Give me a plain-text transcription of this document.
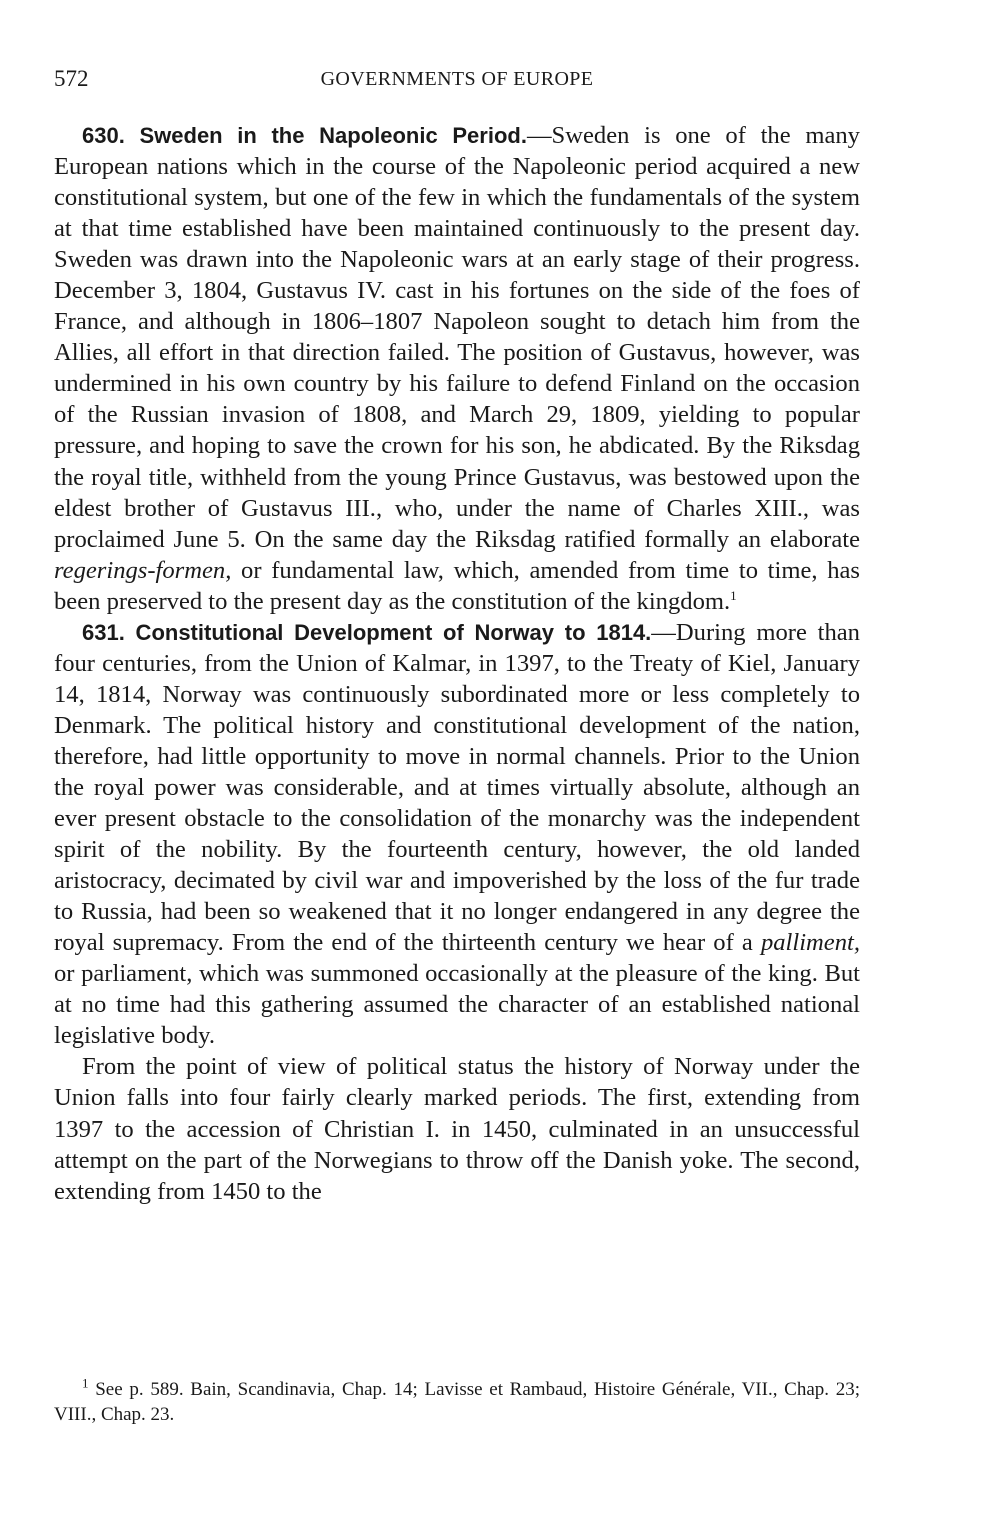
572	GOVERNMENTS OF EUROPE

630. Sweden in the Napoleonic Period.—Sweden is one of the many European nations which in the course of the Napoleonic period acquired a new constitutional system, but one of the few in which the fundamentals of the system at that time established have been maintained continuously to the present day. Sweden was drawn into the Napoleonic wars at an early stage of their progress. December 3, 1804, Gustavus IV. cast in his fortunes on the side of the foes of France, and although in 1806–1807 Napoleon sought to detach him from the Allies, all effort in that direction failed. The position of Gustavus, however, was undermined in his own country by his failure to defend Finland on the occasion of the Russian invasion of 1808, and March 29, 1809, yielding to popular pressure, and hoping to save the crown for his son, he abdicated. By the Riksdag the royal title, withheld from the young Prince Gustavus, was bestowed upon the eldest brother of Gustavus III., who, under the name of Charles XIII., was proclaimed June 5. On the same day the Riksdag ratified formally an elaborate regerings-formen, or fundamental law, which, amended from time to time, has been preserved to the present day as the constitution of the kingdom.$^1$

631. Constitutional Development of Norway to 1814.—During more than four centuries, from the Union of Kalmar, in 1397, to the Treaty of Kiel, January 14, 1814, Norway was continuously subordinated more or less completely to Denmark. The political history and constitutional development of the nation, therefore, had little opportunity to move in normal channels. Prior to the Union the royal power was considerable, and at times virtually absolute, although an ever present obstacle to the consolidation of the monarchy was the independent spirit of the nobility. By the fourteenth century, however, the old landed aristocracy, decimated by civil war and impoverished by the loss of the fur trade to Russia, had been so weakened that it no longer endangered in any degree the royal supremacy. From the end of the thirteenth century we hear of a palliment, or parliament, which was summoned occasionally at the pleasure of the king. But at no time had this gathering assumed the character of an established national legislative body.

From the point of view of political status the history of Norway under the Union falls into four fairly clearly marked periods. The first, extending from 1397 to the accession of Christian I. in 1450, culminated in an unsuccessful attempt on the part of the Norwegians to throw off the Danish yoke. The second, extending from 1450 to the

$^1$ See p. 589. Bain, Scandinavia, Chap. 14; Lavisse et Rambaud, Histoire Générale, VII., Chap. 23; VIII., Chap. 23.
